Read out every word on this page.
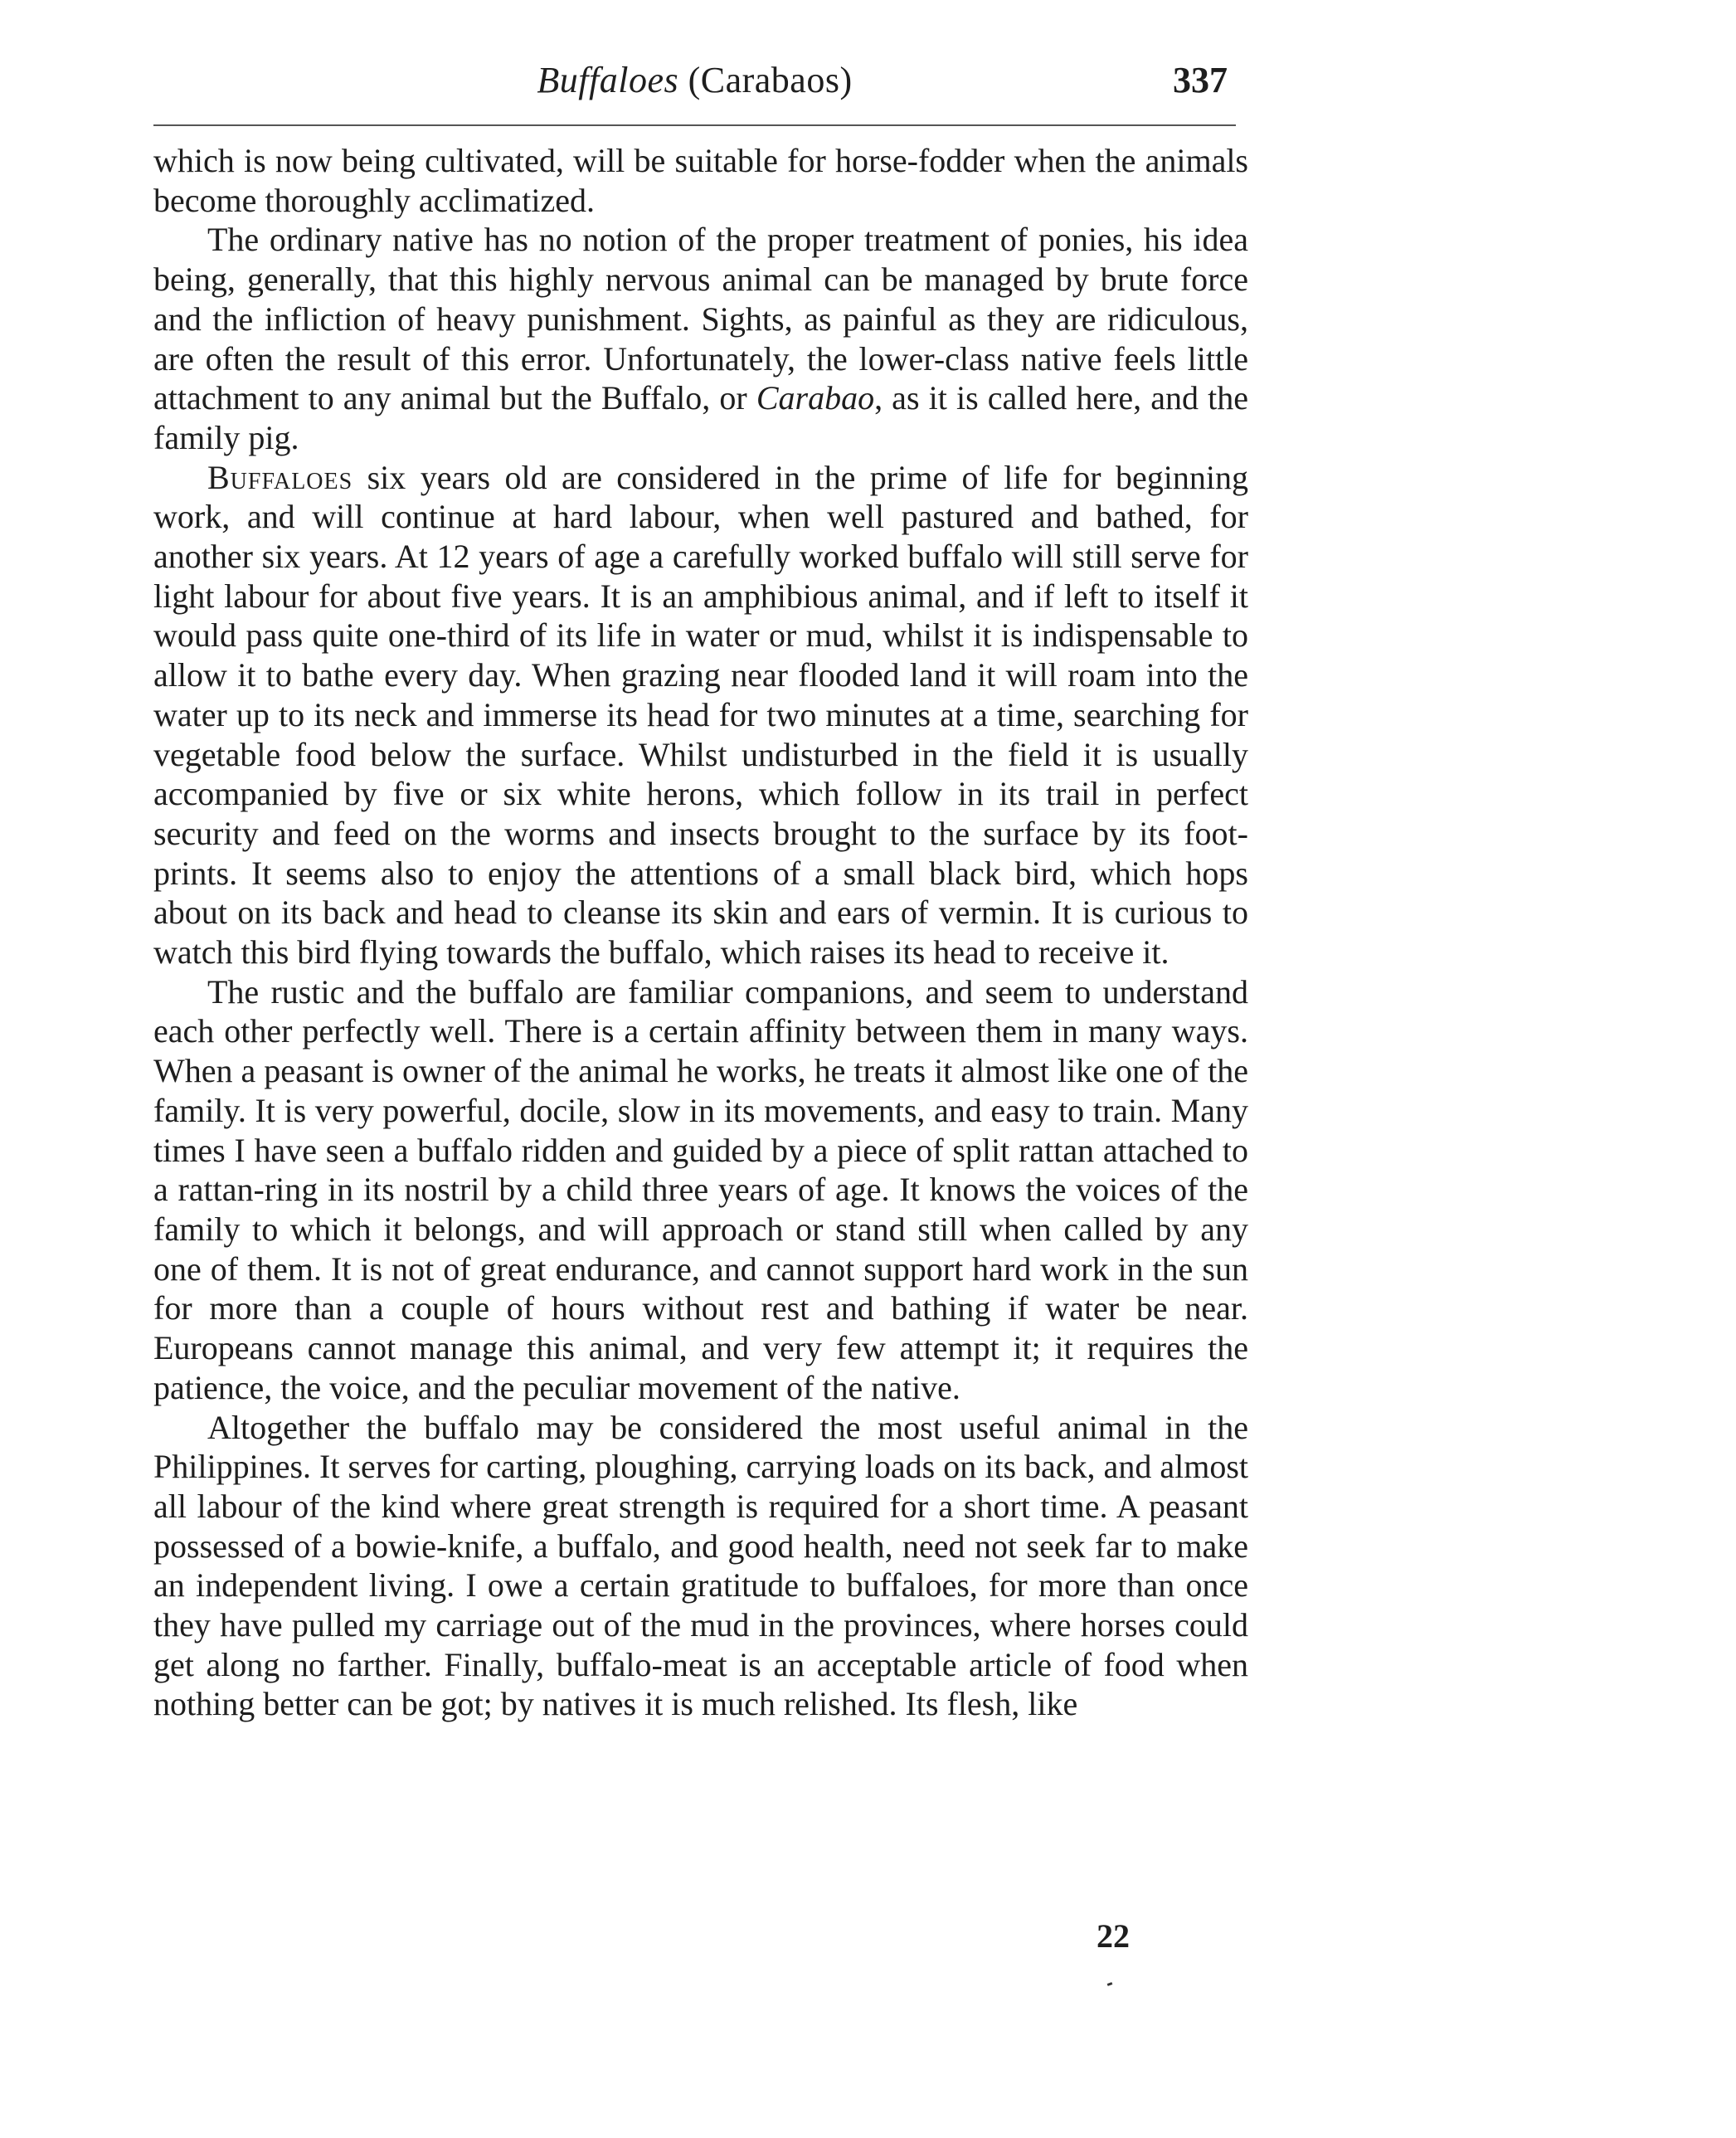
Buffaloes (Carabaos)	337

which is now being cultivated, will be suitable for horse-fodder when the animals become thoroughly acclimatized.

The ordinary native has no notion of the proper treatment of ponies, his idea being, generally, that this highly nervous animal can be managed by brute force and the infliction of heavy punishment. Sights, as painful as they are ridiculous, are often the result of this error. Unfortunately, the lower-class native feels little attachment to any animal but the Buffalo, or Carabao, as it is called here, and the family pig.

Buffaloes six years old are considered in the prime of life for beginning work, and will continue at hard labour, when well pastured and bathed, for another six years. At 12 years of age a carefully worked buffalo will still serve for light labour for about five years. It is an amphibious animal, and if left to itself it would pass quite one-third of its life in water or mud, whilst it is indispensable to allow it to bathe every day. When grazing near flooded land it will roam into the water up to its neck and immerse its head for two minutes at a time, searching for vegetable food below the surface. Whilst undisturbed in the field it is usually accompanied by five or six white herons, which follow in its trail in perfect security and feed on the worms and insects brought to the surface by its foot-prints. It seems also to enjoy the attentions of a small black bird, which hops about on its back and head to cleanse its skin and ears of vermin. It is curious to watch this bird flying towards the buffalo, which raises its head to receive it.

The rustic and the buffalo are familiar companions, and seem to understand each other perfectly well. There is a certain affinity between them in many ways. When a peasant is owner of the animal he works, he treats it almost like one of the family. It is very powerful, docile, slow in its movements, and easy to train. Many times I have seen a buffalo ridden and guided by a piece of split rattan attached to a rattan-ring in its nostril by a child three years of age. It knows the voices of the family to which it belongs, and will approach or stand still when called by any one of them. It is not of great endurance, and cannot support hard work in the sun for more than a couple of hours without rest and bathing if water be near. Europeans cannot manage this animal, and very few attempt it; it requires the patience, the voice, and the peculiar movement of the native.

Altogether the buffalo may be considered the most useful animal in the Philippines. It serves for carting, ploughing, carrying loads on its back, and almost all labour of the kind where great strength is required for a short time. A peasant possessed of a bowie-knife, a buffalo, and good health, need not seek far to make an independent living. I owe a certain gratitude to buffaloes, for more than once they have pulled my carriage out of the mud in the provinces, where horses could get along no farther. Finally, buffalo-meat is an acceptable article of food when nothing better can be got; by natives it is much relished. Its flesh, like

22
